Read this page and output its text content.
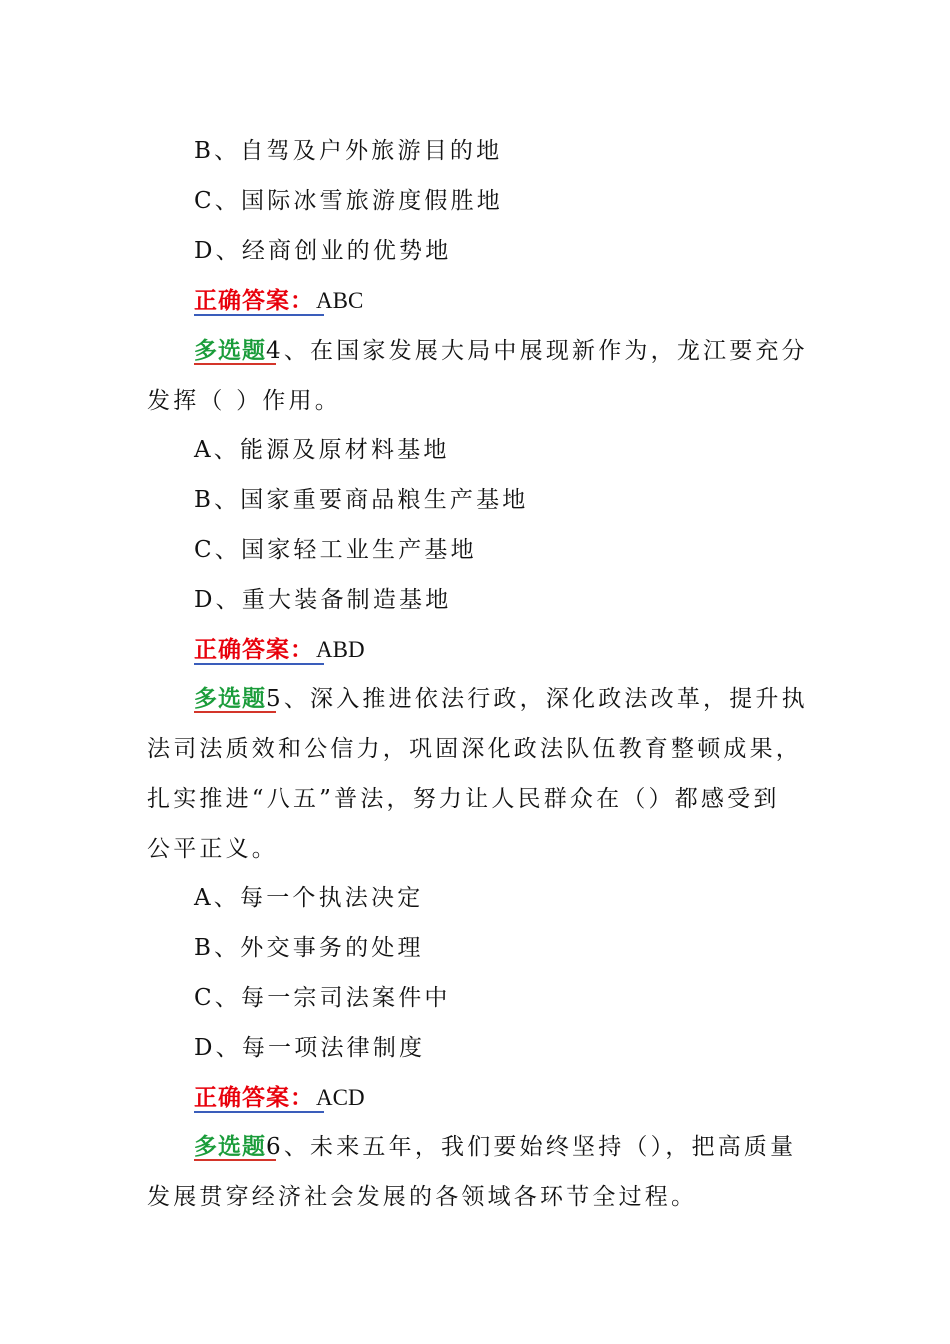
B、自驾及户外旅游目的地
C、国际冰雪旅游度假胜地
D、经商创业的优势地
正确答案：ABC
多选题4、在国家发展大局中展现新作为，龙江要充分
发挥（ ）作用。
A、能源及原材料基地
B、国家重要商品粮生产基地
C、国家轻工业生产基地
D、重大装备制造基地
正确答案：ABD
多选题5、深入推进依法行政，深化政法改革，提升执
法司法质效和公信力，巩固深化政法队伍教育整顿成果，
扎实推进“八五”普法，努力让人民群众在（）都感受到
公平正义。
A、每一个执法决定
B、外交事务的处理
C、每一宗司法案件中
D、每一项法律制度
正确答案：ACD
多选题6、未来五年，我们要始终坚持（），把高质量
发展贯穿经济社会发展的各领域各环节全过程。
